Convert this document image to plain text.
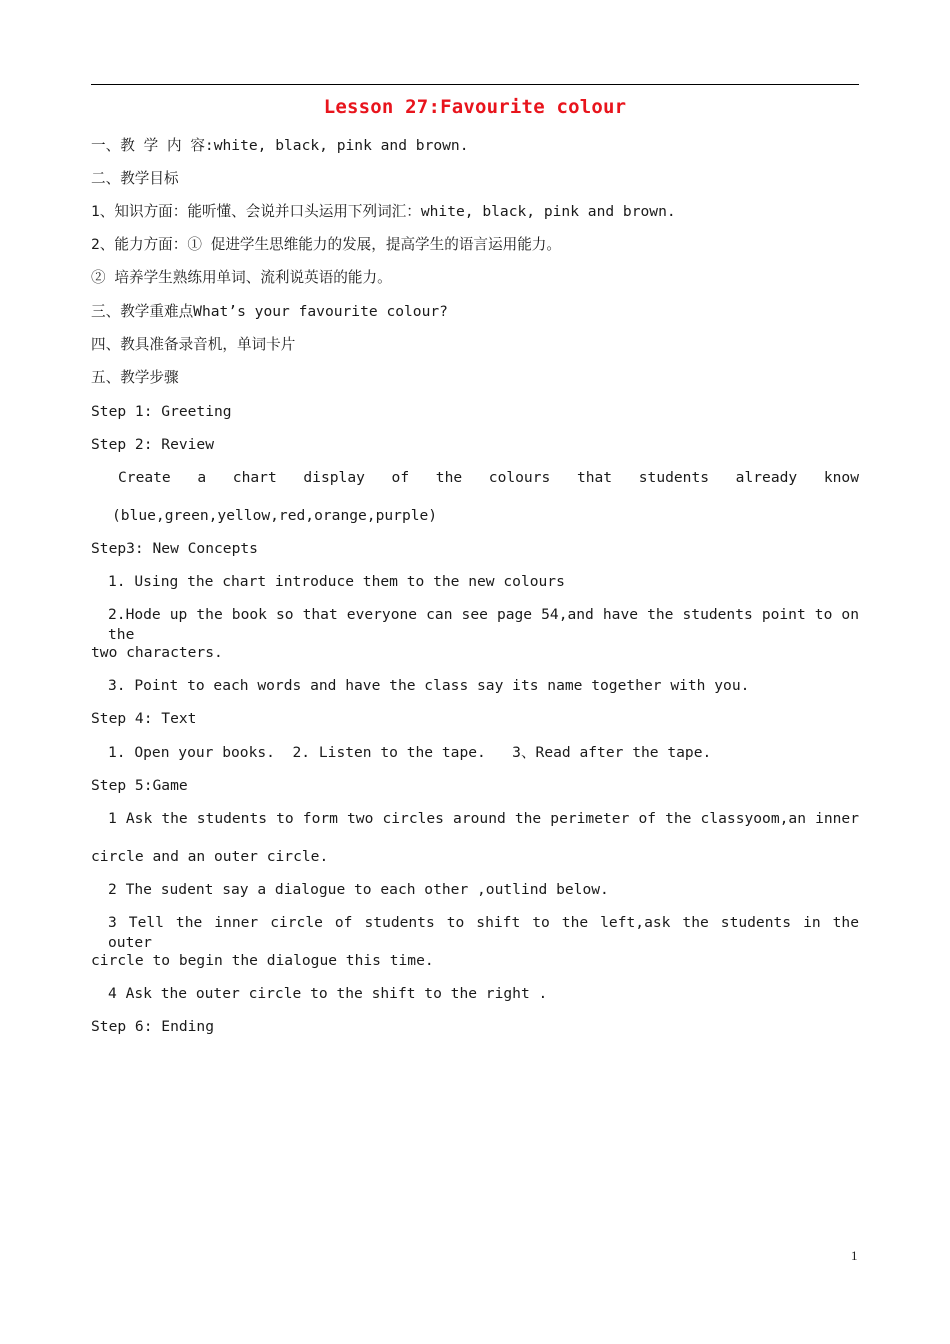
Lesson 27:Favourite colour
一、教 学 内 容:white, black, pink and brown.
二、教学目标
1、知识方面：能听懂、会说并口头运用下列词汇：white, black, pink and brown.
2、能力方面：① 促进学生思维能力的发展，提高学生的语言运用能力。
② 培养学生熟练用单词、流利说英语的能力。
三、教学重难点What’s your favourite colour?
四、教具准备录音机，单词卡片
五、教学步骤
Step 1: Greeting
Step 2: Review
Create a chart display of the colours that students already know
(blue,green,yellow,red,orange,purple)
Step3: New Concepts
1. Using the chart introduce them to the new colours
2.Hode up the book so that everyone can see page 54,and have the students point to on the
two characters.
3. Point to each words and have the class say its name together with you.
Step 4: Text
1. Open your books.  2. Listen to the tape.   3、Read after the tape.
Step 5:Game
1 Ask the students to form two circles around the perimeter of the classyoom,an inner
circle and an outer circle.
2 The sudent say a dialogue to each other ,outlind below.
3 Tell the inner circle of students to shift to the left,ask the students in the outer
circle to begin the dialogue this time.
4 Ask the outer circle to the shift to the right .
Step 6: Ending
1
